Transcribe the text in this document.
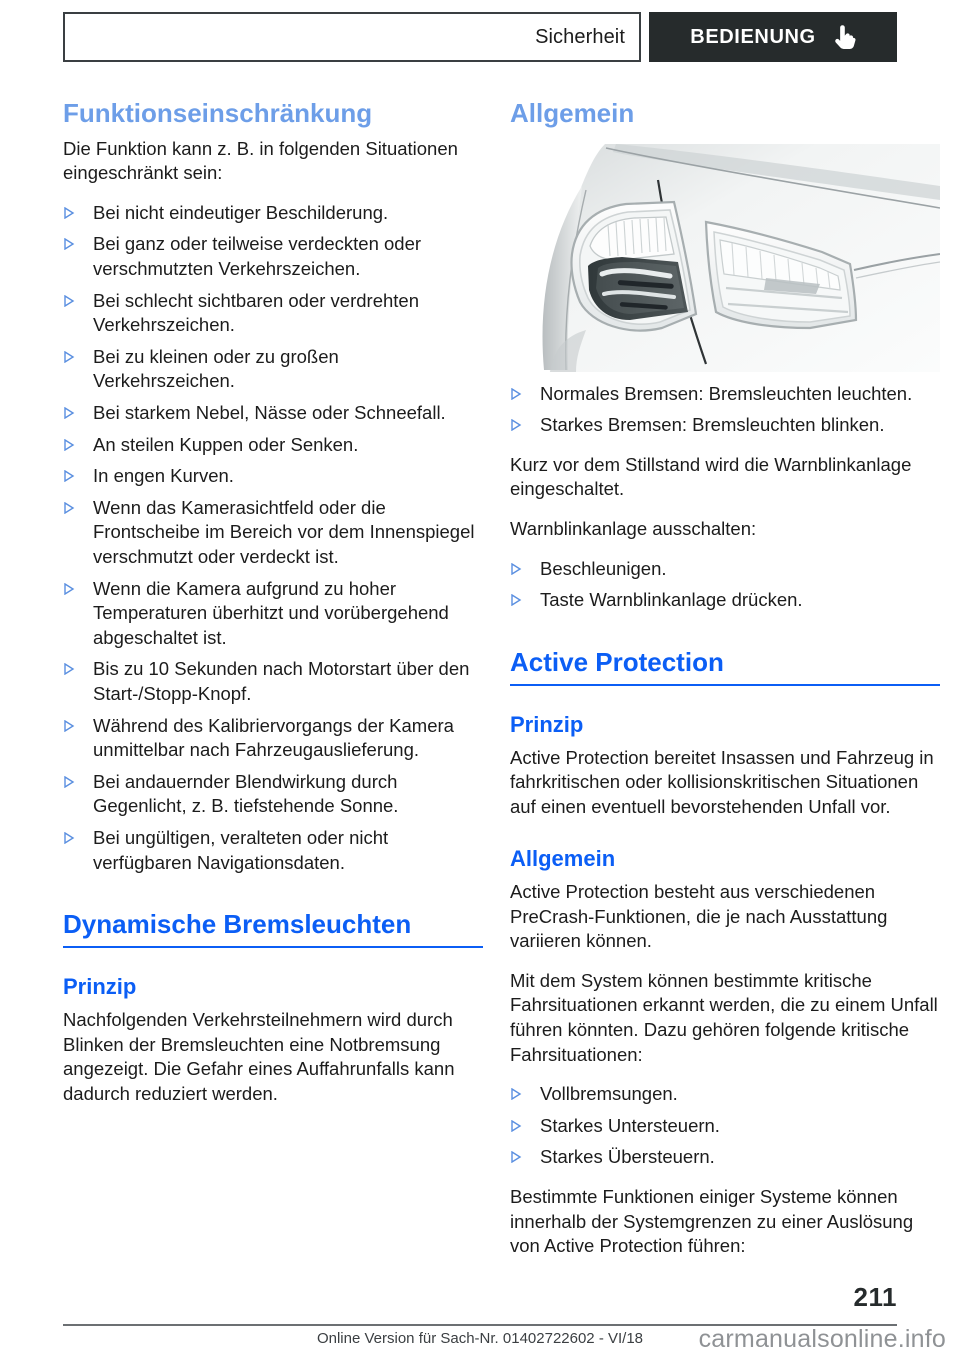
Sicherheit	BEDIENUNG
Funktionseinschränkung

Die Funktion kann z. B. in folgenden Situationen eingeschränkt sein:

Bei nicht eindeutiger Beschilderung.
Bei ganz oder teilweise verdeckten oder verschmutzten Verkehrszeichen.
Bei schlecht sichtbaren oder verdrehten Verkehrszeichen.
Bei zu kleinen oder zu großen Verkehrszeichen.
Bei starkem Nebel, Nässe oder Schneefall.
An steilen Kuppen oder Senken.
In engen Kurven.
Wenn das Kamerasichtfeld oder die Frontscheibe im Bereich vor dem Innenspiegel verschmutzt oder verdeckt ist.
Wenn die Kamera aufgrund zu hoher Temperaturen überhitzt und vorübergehend abgeschaltet ist.
Bis zu 10 Sekunden nach Motorstart über den Start-/Stopp-Knopf.
Während des Kalibriervorgangs der Kamera unmittelbar nach Fahrzeugauslieferung.
Bei andauernder Blendwirkung durch Gegenlicht, z. B. tiefstehende Sonne.
Bei ungültigen, veralteten oder nicht verfügbaren Navigationsdaten.
Dynamische Bremsleuchten
Prinzip

Nachfolgenden Verkehrsteilnehmern wird durch Blinken der Bremsleuchten eine Notbremsung angezeigt. Die Gefahr eines Auffahrunfalls kann dadurch reduziert werden.

Allgemein
Normales Bremsen: Bremsleuchten leuchten.
Starkes Bremsen: Bremsleuchten blinken.

Kurz vor dem Stillstand wird die Warnblinkanlage eingeschaltet.

Warnblinkanlage ausschalten:

Beschleunigen.
Taste Warnblinkanlage drücken.
Active Protection
Prinzip

Active Protection bereitet Insassen und Fahrzeug in fahrkritischen oder kollisionskritischen Situationen auf einen eventuell bevorstehenden Unfall vor.

Allgemein

Active Protection besteht aus verschiedenen PreCrash-Funktionen, die je nach Ausstattung variieren können.

Mit dem System können bestimmte kritische Fahrsituationen erkannt werden, die zu einem Unfall führen könnten. Dazu gehören folgende kritische Fahrsituationen:

Vollbremsungen.
Starkes Untersteuern.
Starkes Übersteuern.

Bestimmte Funktionen einiger Systeme können innerhalb der Systemgrenzen zu einer Auslösung von Active Protection führen:

211
Online Version für Sach-Nr. 01402722602 - VI/18	carmanualsonline.info
